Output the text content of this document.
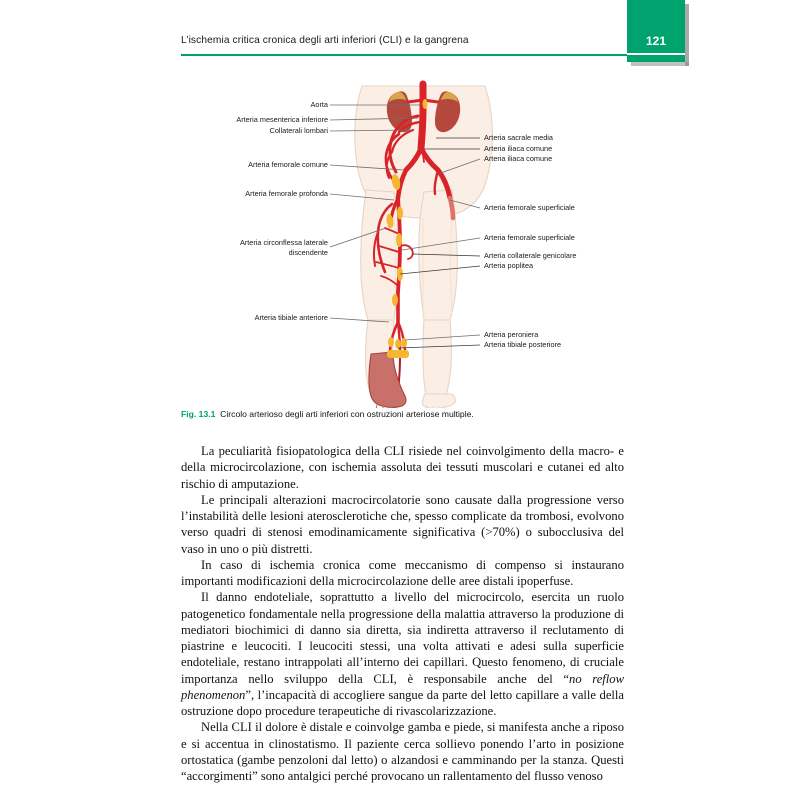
L’ischemia critica cronica degli arti inferiori (CLI) e la gangrena	121
Aorta
Arteria mesenterica inferiore
Collaterali lombari
Arteria femorale comune
Arteria femorale profonda
Arteria circonflessa laterale
discendente
Arteria tibiale anteriore
Arteria sacrale media
Arteria iliaca comune
Arteria iliaca comune
Arteria femorale superficiale
Arteria femorale superficiale
Arteria collaterale genicolare
Arteria poplitea
Arteria peroniera
Arteria tibiale posteriore
Fig. 13.1 Circolo arterioso degli arti inferiori con ostruzioni arteriose multiple.

La peculiarità fisiopatologica della CLI risiede nel coinvolgimento della macro- e della microcircolazione, con ischemia assoluta dei tessuti muscolari e cutanei ed alto rischio di amputazione.

Le principali alterazioni macrocircolatorie sono causate dalla progressione verso l’instabilità delle lesioni aterosclerotiche che, spesso complicate da trombosi, evolvono verso quadri di stenosi emodinamicamente significativa (>70%) o subocclusiva del vaso in uno o più distretti.

In caso di ischemia cronica come meccanismo di compenso si instaurano importanti modificazioni della microcircolazione delle aree distali ipoperfuse.

Il danno endoteliale, soprattutto a livello del microcircolo, esercita un ruolo patogenetico fondamentale nella progressione della malattia attraverso la produzione di mediatori biochimici di danno sia diretta, sia indiretta attraverso il reclutamento di piastrine e leucociti. I leucociti stessi, una volta attivati e adesi sulla superficie endoteliale, restano intrappolati all’interno dei capillari. Questo fenomeno, di cruciale importanza nello sviluppo della CLI, è responsabile anche del “no reflow phenomenon”, l’incapacità di accogliere sangue da parte del letto capillare a valle della ostruzione dopo procedure terapeutiche di rivascolarizzazione.

Nella CLI il dolore è distale e coinvolge gamba e piede, si manifesta anche a riposo e si accentua in clinostatismo. Il paziente cerca sollievo ponendo l’arto in posizione ortostatica (gambe penzoloni dal letto) o alzandosi e camminando per la stanza. Questi “accorgimenti” sono antalgici perché provocano un rallentamento del flusso venoso
